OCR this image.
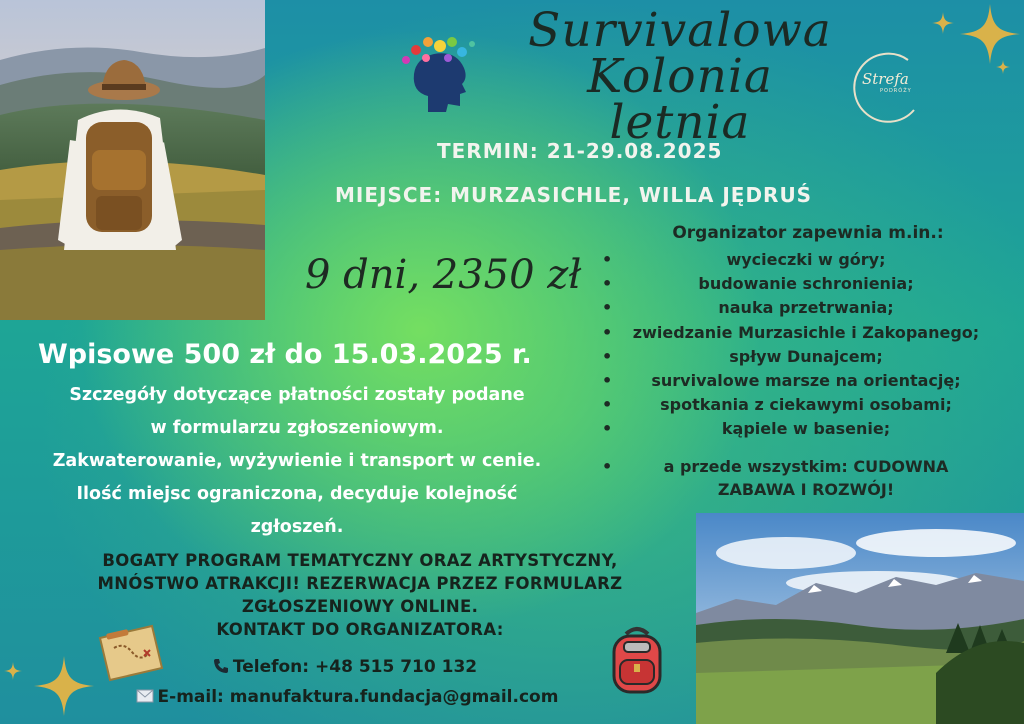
Strefa
PODRÓŻY
Survivalowa
Kolonia letnia
TERMIN: 21-29.08.2025
MIEJSCE: MURZASICHLE, WILLA JĘDRUŚ
9 dni, 2350 zł
Organizator zapewnia m.in.:
•	wycieczki w góry;
•	budowanie schronienia;
•	nauka przetrwania;
• zwiedzanie Murzasichle i Zakopanego;
•	spływ Dunajcem;
• survivalowe marsze na orientację;
•	spotkania z ciekawymi osobami;
•	kąpiele w basenie;
•	a przede wszystkim: CUDOWNA
ZABAWA I ROZWÓJ!
Wpisowe 500 zł do 15.03.2025 r.
Szczegóły dotyczące płatności zostały podane
w formularzu zgłoszeniowym.
Zakwaterowanie, wyżywienie i transport w cenie.
Ilość miejsc ograniczona, decyduje kolejność
zgłoszeń.
BOGATY PROGRAM TEMATYCZNY ORAZ ARTYSTYCZNY,
MNÓSTWO ATRAKCJI! REZERWACJA PRZEZ FORMULARZ
ZGŁOSZENIOWY ONLINE.
KONTAKT DO ORGANIZATORA:
Telefon: +48 515 710 132
E-mail: manufaktura.fundacja@gmail.com
